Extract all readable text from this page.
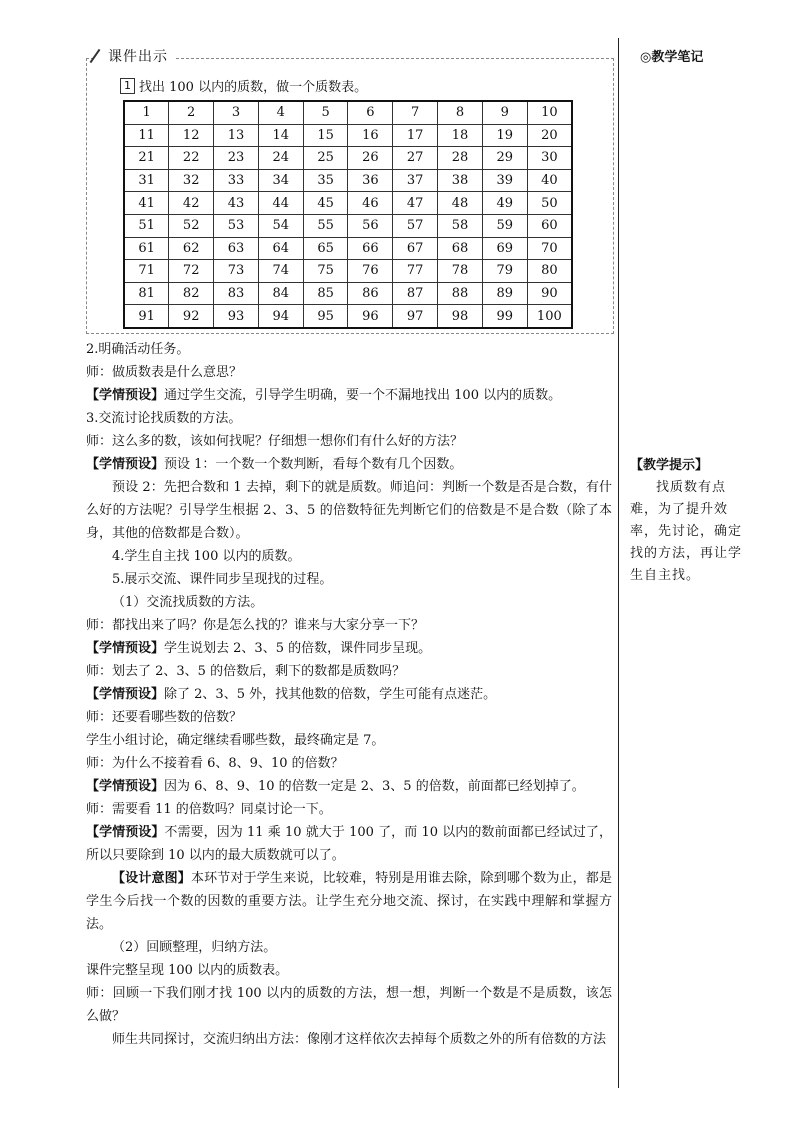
◎教学笔记
【教学提示】
找质数有点难，为了提升效率，先讨论，确定找的方法，再让学生自主找。
课件出示
1 找出 100 以内的质数，做一个质数表。
1	2	3	4	5	6	7	8	9	10
11	12	13	14	15	16	17	18	19	20
21	22	23	24	25	26	27	28	29	30
31	32	33	34	35	36	37	38	39	40
41	42	43	44	45	46	47	48	49	50
51	52	53	54	55	56	57	58	59	60
61	62	63	64	65	66	67	68	69	70
71	72	73	74	75	76	77	78	79	80
81	82	83	84	85	86	87	88	89	90
91	92	93	94	95	96	97	98	99	100

2.明确活动任务。

师：做质数表是什么意思？

【学情预设】通过学生交流，引导学生明确，要一个不漏地找出 100 以内的质数。

3.交流讨论找质数的方法。

师：这么多的数，该如何找呢？仔细想一想你们有什么好的方法？

【学情预设】预设 1：一个数一个数判断，看每个数有几个因数。

预设 2：先把合数和 1 去掉，剩下的就是质数。师追问：判断一个数是否是合数，有什么好的方法呢？引导学生根据 2、3、5 的倍数特征先判断它们的倍数是不是合数（除了本身，其他的倍数都是合数）。

4.学生自主找 100 以内的质数。

5.展示交流、课件同步呈现找的过程。

（1）交流找质数的方法。

师：都找出来了吗？你是怎么找的？谁来与大家分享一下？

【学情预设】学生说划去 2、3、5 的倍数，课件同步呈现。

师：划去了 2、3、5 的倍数后，剩下的数都是质数吗？

【学情预设】除了 2、3、5 外，找其他数的倍数，学生可能有点迷茫。

师：还要看哪些数的倍数？

学生小组讨论，确定继续看哪些数，最终确定是 7。

师：为什么不接着看 6、8、9、10 的倍数？

【学情预设】因为 6、8、9、10 的倍数一定是 2、3、5 的倍数，前面都已经划掉了。

师：需要看 11 的倍数吗？同桌讨论一下。

【学情预设】不需要，因为 11 乘 10 就大于 100 了，而 10 以内的数前面都已经试过了，所以只要除到 10 以内的最大质数就可以了。

【设计意图】本环节对于学生来说，比较难，特别是用谁去除，除到哪个数为止，都是学生今后找一个数的因数的重要方法。让学生充分地交流、探讨，在实践中理解和掌握方法。

（2）回顾整理，归纳方法。

课件完整呈现 100 以内的质数表。

师：回顾一下我们刚才找 100 以内的质数的方法，想一想，判断一个数是不是质数，该怎么做？

师生共同探讨，交流归纳出方法：像刚才这样依次去掉每个质数之外的所有倍数的方法
